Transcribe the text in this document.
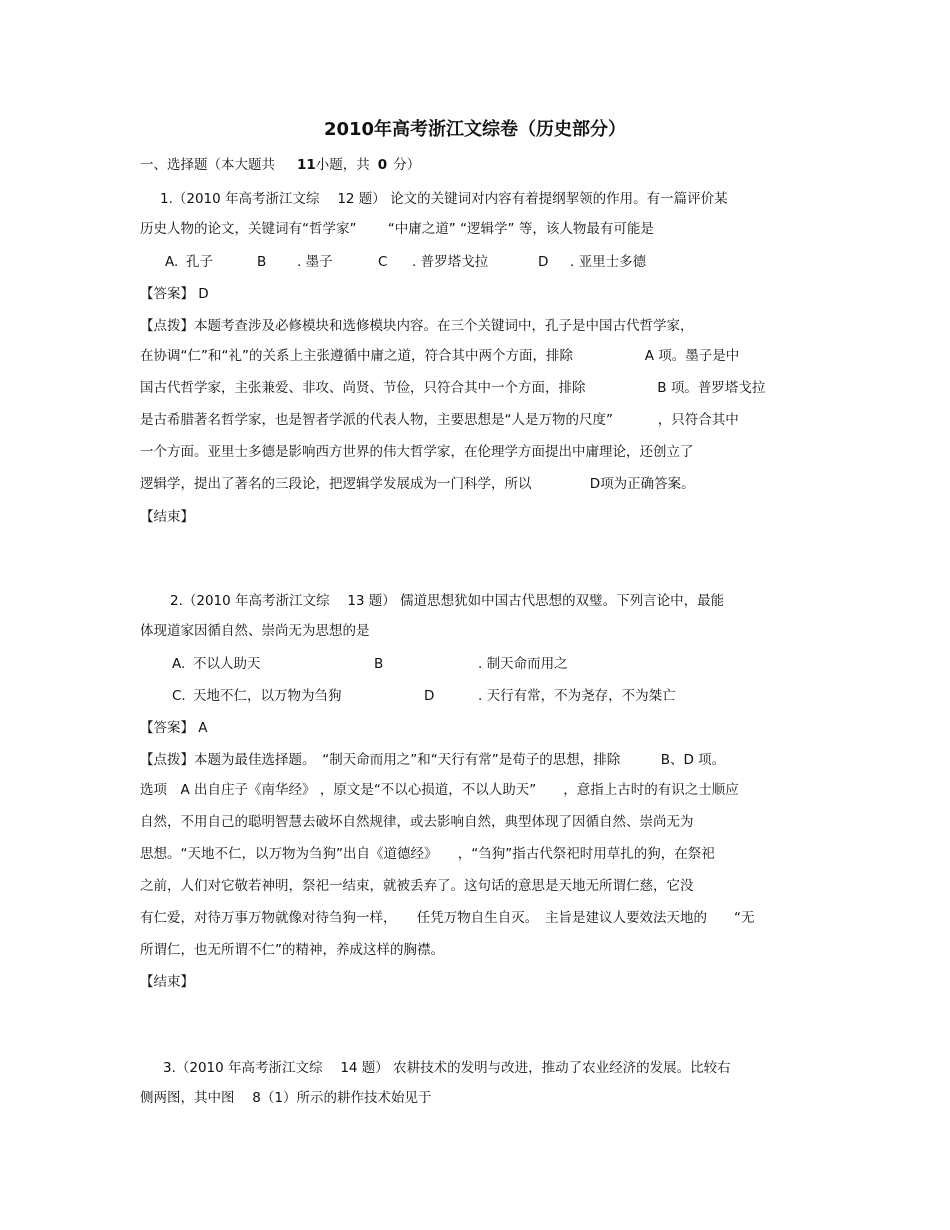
2010年高考浙江文综卷（历史部分）
一、选择题（本大题共 11小题，共 0 分）
1.（2010 年高考浙江文综　 12 题） 论文的关键词对内容有着提纲挈领的作用。有一篇评价某
历史人物的论文，关键词有“哲学家”　　 “中庸之道” “逻辑学” 等，该人物最有可能是
A. 孔子	B . 墨子	C . 普罗塔戈拉	D . 亚里士多德
【答案】 D
【点拨】本题考查涉及必修模块和选修模块内容。在三个关键词中，孔子是中国古代哲学家，
在协调“仁”和“礼”的关系上主张遵循中庸之道，符合其中两个方面，排除　　　　　 A 项。墨子是中
国古代哲学家，主张兼爱、非攻、尚贤、节俭，只符合其中一个方面，排除　　　　　 B 项。普罗塔戈拉
是古希腊著名哲学家，也是智者学派的代表人物，主要思想是“人是万物的尺度”　　　 ，只符合其中
一个方面。亚里士多德是影响西方世界的伟大哲学家，在伦理学方面提出中庸理论，还创立了
逻辑学，提出了著名的三段论，把逻辑学发展成为一门科学，所以　　　　 D项为正确答案。
【结束】
2.（2010 年高考浙江文综　 13 题） 儒道思想犹如中国古代思想的双璧。下列言论中，最能
体现道家因循自然、崇尚无为思想的是
A. 不以人助天	B	. 制天命而用之
C. 天地不仁，以万物为刍狗	D	. 天行有常，不为尧存，不为桀亡
【答案】 A
【点拨】本题为最佳选择题。　“制天命而用之”和“天行有常”是荀子的思想，排除　　　B、D 项。
选项　A 出自庄子《南华经》 ，原文是“不以心损道，不以人助天”　　，意指上古时的有识之士顺应
自然，不用自己的聪明智慧去破坏自然规律，或去影响自然，典型体现了因循自然、崇尚无为
思想。“天地不仁，以万物为刍狗”出自《道德经》　　，“刍狗”指古代祭祀时用草扎的狗，在祭祀
之前，人们对它敬若神明，祭祀一结束，就被丢弃了。这句话的意思是天地无所谓仁慈，它没
有仁爱，对待万事万物就像对待刍狗一样，　　任凭万物自生自灭。　主旨是建议人要效法天地的　　“无
所谓仁，也无所谓不仁”的精神，养成这样的胸襟。
【结束】
3.（2010 年高考浙江文综　 14 题） 农耕技术的发明与改进，推动了农业经济的发展。比较右
侧两图，其中图　 8（1）所示的耕作技术始见于
